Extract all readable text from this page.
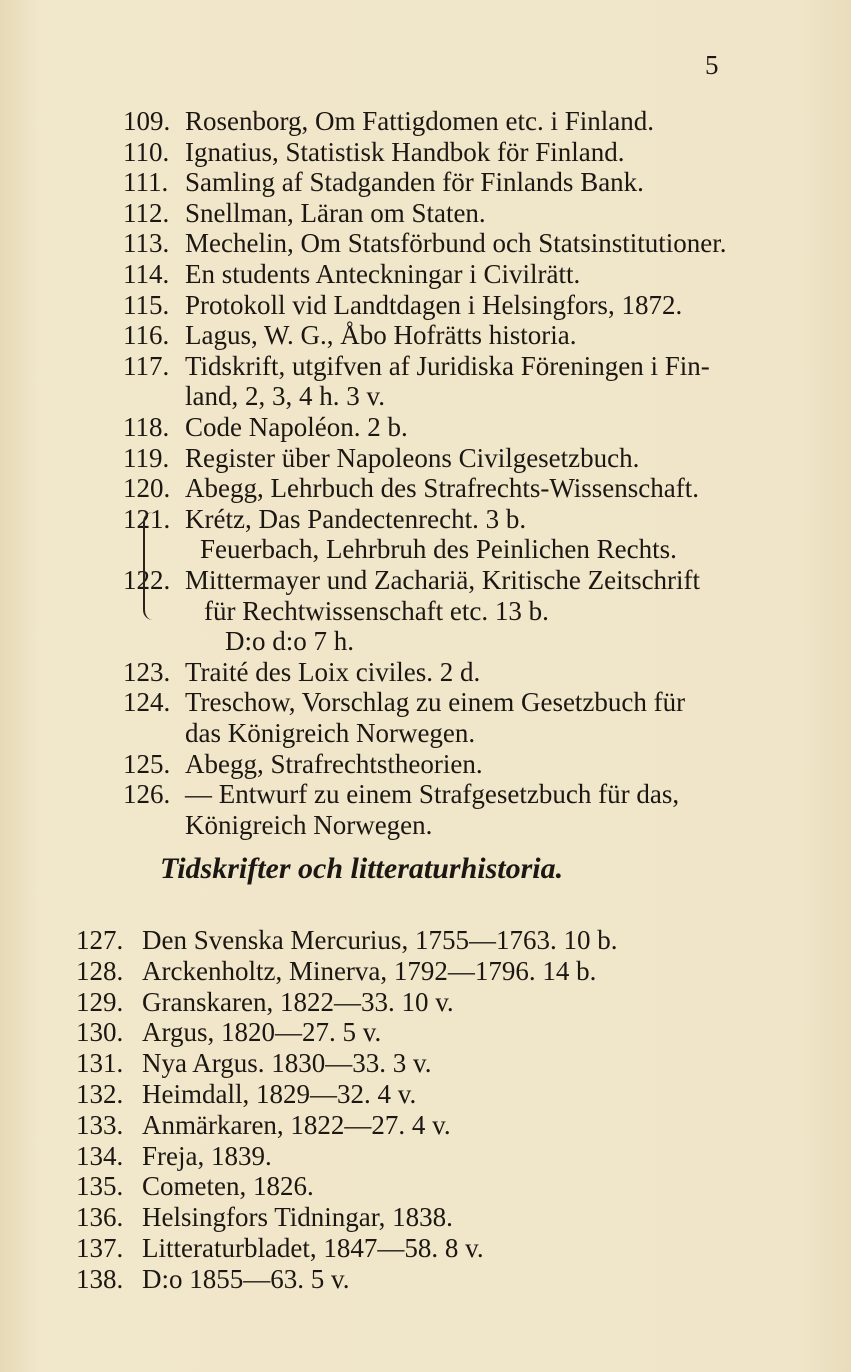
5
109. Rosenborg, Om Fattigdomen etc. i Finland.
110. Ignatius, Statistisk Handbok för Finland.
111. Samling af Stadganden för Finlands Bank.
112. Snellman, Läran om Staten.
113. Mechelin, Om Statsförbund och Statsinstitutioner.
114. En students Anteckningar i Civilrätt.
115. Protokoll vid Landtdagen i Helsingfors, 1872.
116. Lagus, W. G., Åbo Hofrätts historia.
117. Tidskrift, utgifven af Juridiska Föreningen i Fin-
land, 2, 3, 4 h. 3 v.
118. Code Napoléon. 2 b.
119. Register über Napoleons Civilgesetzbuch.
120. Abegg, Lehrbuch des Strafrechts-Wissenschaft.
121. Krétz, Das Pandectenrecht. 3 b.
Feuerbach, Lehrbruh des Peinlichen Rechts.
122. Mittermayer und Zachariä, Kritische Zeitschrift
für Rechtwissenschaft etc. 13 b.
D:o d:o 7 h.
123. Traité des Loix civiles. 2 d.
124. Treschow, Vorschlag zu einem Gesetzbuch für
das Königreich Norwegen.
125. Abegg, Strafrechtstheorien.
126. — Entwurf zu einem Strafgesetzbuch für das,
Königreich Norwegen.
Tidskrifter och litteraturhistoria.
127. Den Svenska Mercurius, 1755—1763. 10 b.
128. Arckenholtz, Minerva, 1792—1796. 14 b.
129. Granskaren, 1822—33. 10 v.
130. Argus, 1820—27. 5 v.
131. Nya Argus. 1830—33. 3 v.
132. Heimdall, 1829—32. 4 v.
133. Anmärkaren, 1822—27. 4 v.
134. Freja, 1839.
135. Cometen, 1826.
136. Helsingfors Tidningar, 1838.
137. Litteraturbladet, 1847—58. 8 v.
138. D:o 1855—63. 5 v.
